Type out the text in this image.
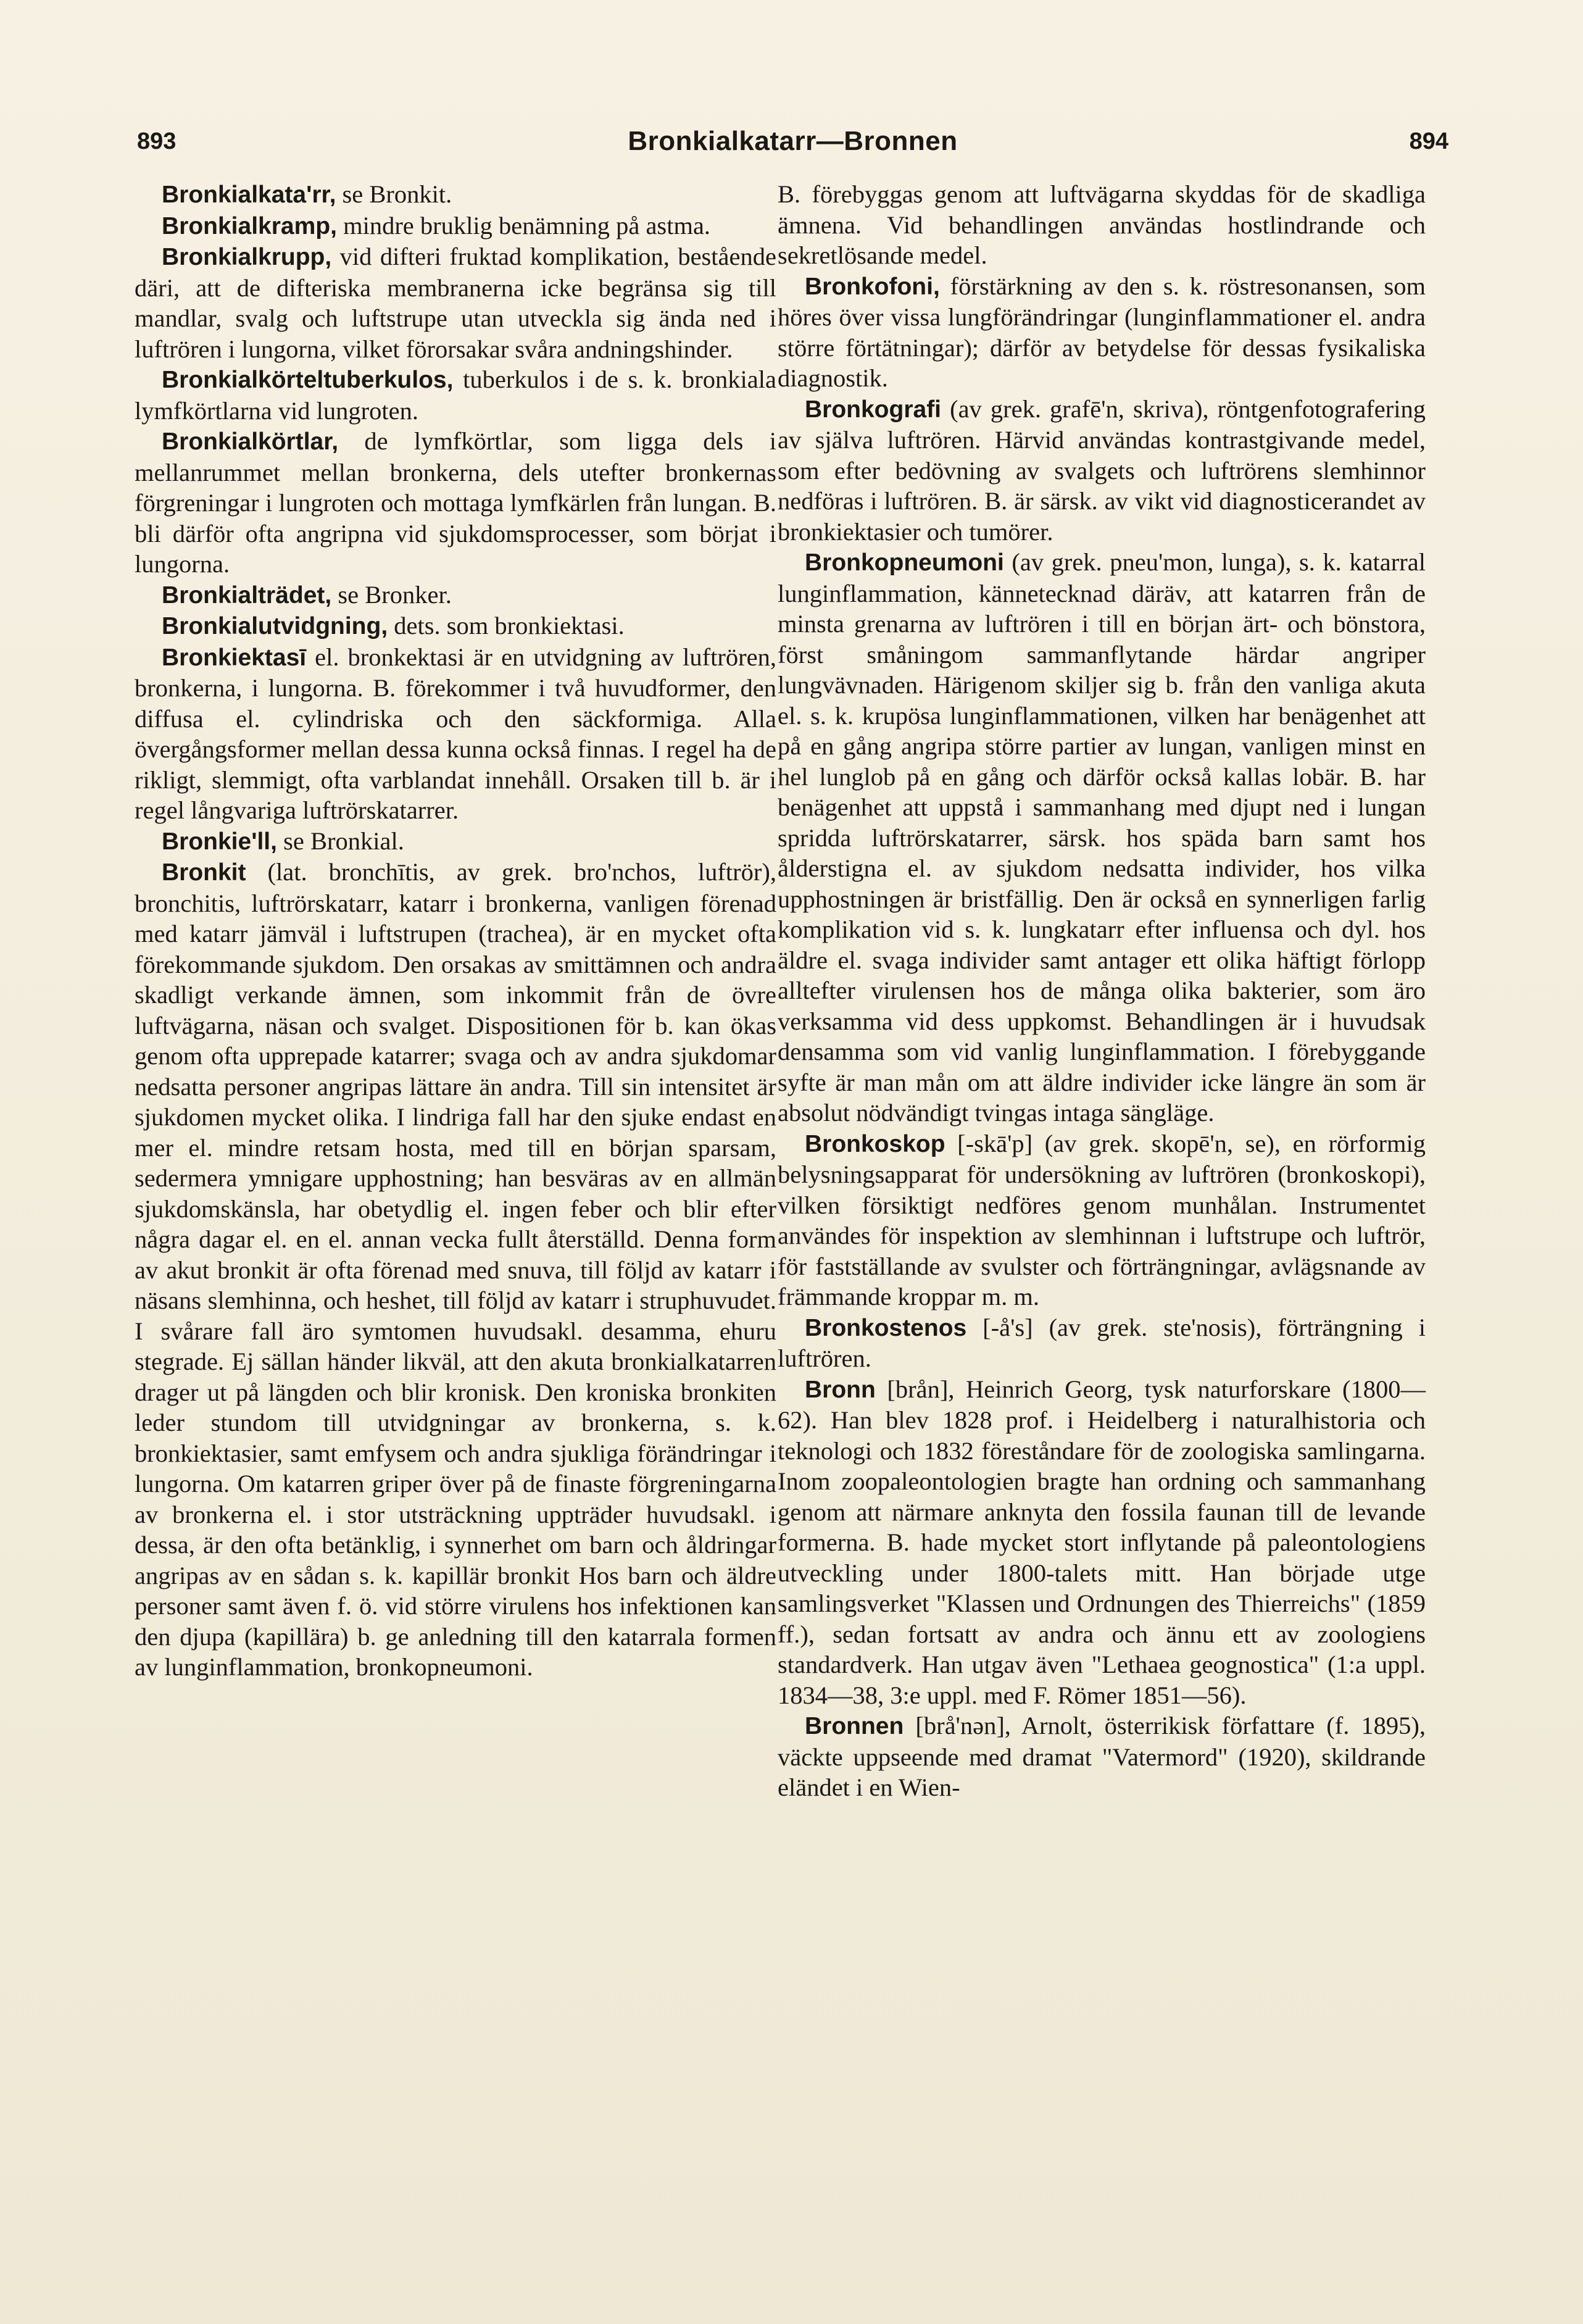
893	Bronkialkatarr—Bronnen	894

Bronkialkata'rr, se Bronkit.

Bronkialkramp, mindre bruklig benämning på astma.

Bronkialkrupp, vid difteri fruktad komplikation, bestående däri, att de difteriska membranerna icke begränsa sig till mandlar, svalg och luftstrupe utan utveckla sig ända ned i luftrören i lungorna, vilket förorsakar svåra andningshinder.

Bronkialkörteltuberkulos, tuberkulos i de s. k. bronkiala lymfkörtlarna vid lungroten.

Bronkialkörtlar, de lymfkörtlar, som ligga dels i mellanrummet mellan bronkerna, dels utefter bronkernas förgreningar i lungroten och mottaga lymfkärlen från lungan. B. bli därför ofta angripna vid sjukdomsprocesser, som börjat i lungorna.

Bronkialträdet, se Bronker.

Bronkialutvidgning, dets. som bronkiektasi.

Bronkiektasī el. bronkektasi är en utvidgning av luftrören, bronkerna, i lungorna. B. förekommer i två huvudformer, den diffusa el. cylindriska och den säckformiga. Alla övergångsformer mellan dessa kunna också finnas. I regel ha de rikligt, slemmigt, ofta varblandat innehåll. Orsaken till b. är i regel långvariga luftrörskatarrer.

Bronkie'll, se Bronkial.

Bronkit (lat. bronchītis, av grek. bro'nchos, luftrör), bronchitis, luftrörskatarr, katarr i bronkerna, vanligen förenad med katarr jämväl i luftstrupen (trachea), är en mycket ofta förekommande sjukdom. Den orsakas av smittämnen och andra skadligt verkande ämnen, som inkommit från de övre luftvägarna, näsan och svalget. Dispositionen för b. kan ökas genom ofta upprepade katarrer; svaga och av andra sjukdomar nedsatta personer angripas lättare än andra. Till sin intensitet är sjukdomen mycket olika. I lindriga fall har den sjuke endast en mer el. mindre retsam hosta, med till en början sparsam, sedermera ymnigare upphostning; han besväras av en allmän sjukdomskänsla, har obetydlig el. ingen feber och blir efter några dagar el. en el. annan vecka fullt återställd. Denna form av akut bronkit är ofta förenad med snuva, till följd av katarr i näsans slemhinna, och heshet, till följd av katarr i struphuvudet. I svårare fall äro symtomen huvudsakl. desamma, ehuru stegrade. Ej sällan händer likväl, att den akuta bronkialkatarren drager ut på längden och blir kronisk. Den kroniska bronkiten leder stundom till utvidgningar av bronkerna, s. k. bronkiektasier, samt emfysem och andra sjukliga förändringar i lungorna. Om katarren griper över på de finaste förgreningarna av bronkerna el. i stor utsträckning uppträder huvudsakl. i dessa, är den ofta betänklig, i synnerhet om barn och åldringar angripas av en sådan s. k. kapillär bronkit Hos barn och äldre personer samt även f. ö. vid större virulens hos infektionen kan den djupa (kapillära) b. ge anledning till den katarrala formen av lunginflammation, bronkopneumoni.

B. förebyggas genom att luftvägarna skyddas för de skadliga ämnena. Vid behandlingen användas hostlindrande och sekretlösande medel.

Bronkofoni, förstärkning av den s. k. röstresonansen, som höres över vissa lungförändringar (lunginflammationer el. andra större förtätningar); därför av betydelse för dessas fysikaliska diagnostik.

Bronkografi (av grek. grafē'n, skriva), röntgenfotografering av själva luftrören. Härvid användas kontrastgivande medel, som efter bedövning av svalgets och luftrörens slemhinnor nedföras i luftrören. B. är särsk. av vikt vid diagnosticerandet av bronkiektasier och tumörer.

Bronkopneumoni (av grek. pneu'mon, lunga), s. k. katarral lunginflammation, kännetecknad däräv, att katarren från de minsta grenarna av luftrören i till en början ärt- och bönstora, först småningom sammanflytande härdar angriper lungvävnaden. Härigenom skiljer sig b. från den vanliga akuta el. s. k. krupösa lunginflammationen, vilken har benägenhet att på en gång angripa större partier av lungan, vanligen minst en hel lunglob på en gång och därför också kallas lobär. B. har benägenhet att uppstå i sammanhang med djupt ned i lungan spridda luftrörskatarrer, särsk. hos späda barn samt hos ålderstigna el. av sjukdom nedsatta individer, hos vilka upphostningen är bristfällig. Den är också en synnerligen farlig komplikation vid s. k. lungkatarr efter influensa och dyl. hos äldre el. svaga individer samt antager ett olika häftigt förlopp alltefter virulensen hos de många olika bakterier, som äro verksamma vid dess uppkomst. Behandlingen är i huvudsak densamma som vid vanlig lunginflammation. I förebyggande syfte är man mån om att äldre individer icke längre än som är absolut nödvändigt tvingas intaga sängläge.

Bronkoskop [-skā'p] (av grek. skopē'n, se), en rörformig belysningsapparat för undersökning av luftrören (bronkoskopi), vilken försiktigt nedföres genom munhålan. Instrumentet användes för inspektion av slemhinnan i luftstrupe och luftrör, för fastställande av svulster och förträngningar, avlägsnande av främmande kroppar m. m.

Bronkostenos [-å's] (av grek. ste'nosis), förträngning i luftrören.

Bronn [brån], Heinrich Georg, tysk naturforskare (1800—62). Han blev 1828 prof. i Heidelberg i naturalhistoria och teknologi och 1832 föreståndare för de zoologiska samlingarna. Inom zoopaleontologien bragte han ordning och sammanhang genom att närmare anknyta den fossila faunan till de levande formerna. B. hade mycket stort inflytande på paleontologiens utveckling under 1800-talets mitt. Han började utge samlingsverket "Klassen und Ordnungen des Thierreichs" (1859 ff.), sedan fortsatt av andra och ännu ett av zoologiens standardverk. Han utgav även "Lethaea geognostica" (1:a uppl. 1834—38, 3:e uppl. med F. Römer 1851—56).

Bronnen [brå'nən], Arnolt, österrikisk författare (f. 1895), väckte uppseende med dramat "Vatermord" (1920), skildrande eländet i en Wien-
